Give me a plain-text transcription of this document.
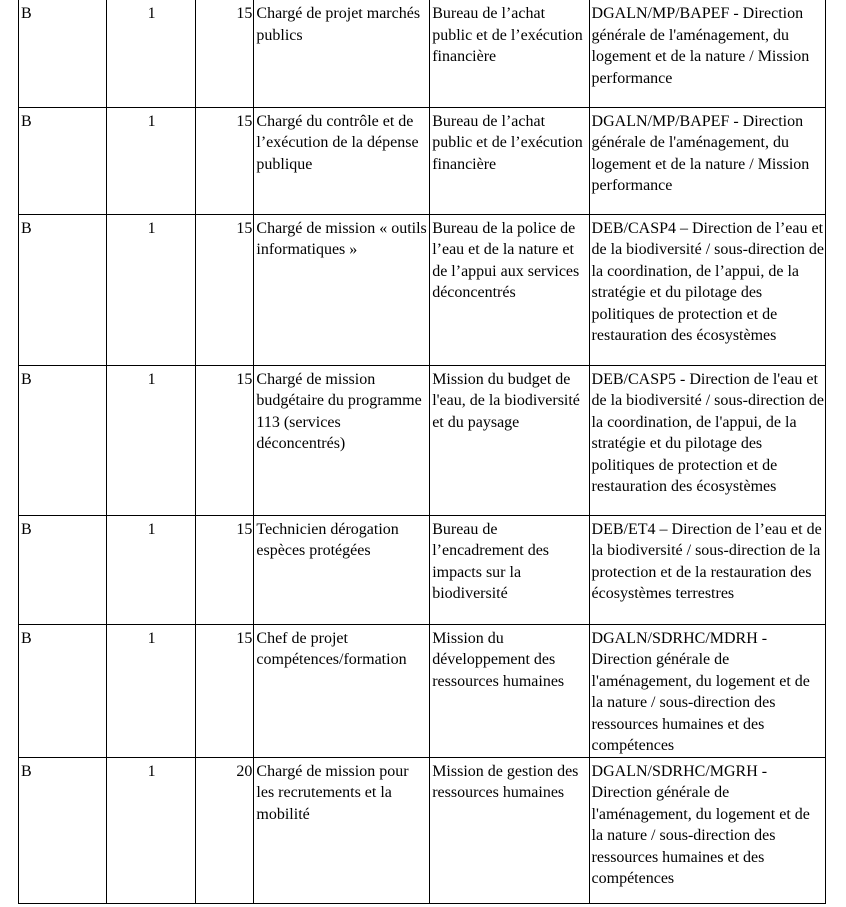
B	1	15	Chargé de projet marchés publics	Bureau de l’achat public et de l’exécution financière	DGALN/MP/BAPEF - Direction générale de l'aménagement, du logement et de la nature / Mission performance
B	1	15	Chargé du contrôle et de l’exécution de la dépense publique	Bureau de l’achat public et de l’exécution financière	DGALN/MP/BAPEF - Direction générale de l'aménagement, du logement et de la nature / Mission performance
B	1	15	Chargé de mission « outils informatiques »	Bureau de la police de l’eau et de la nature et de l’appui aux services déconcentrés	DEB/CASP4 – Direction de l’eau et de la biodiversité / sous-direction de la coordination, de l’appui, de la stratégie et du pilotage des politiques de protection et de restauration des écosystèmes
B	1	15	Chargé de mission budgétaire du programme 113 (services déconcentrés)	Mission du budget de l'eau, de la biodiversité et du paysage	DEB/CASP5 - Direction de l'eau et de la biodiversité / sous-direction de la coordination, de l'appui, de la stratégie et du pilotage des politiques de protection et de restauration des écosystèmes
B	1	15	Technicien dérogation espèces protégées	Bureau de l’encadrement des impacts sur la biodiversité	DEB/ET4 – Direction de l’eau et de la biodiversité / sous-direction de la protection et de la restauration des écosystèmes terrestres
B	1	15	Chef de projet compétences/formation	Mission du développement des ressources humaines	DGALN/SDRHC/MDRH - Direction générale de l'aménagement, du logement et de la nature / sous-direction des ressources humaines et des compétences
B	1	20	Chargé de mission pour les recrutements et la mobilité	Mission de gestion des ressources humaines	DGALN/SDRHC/MGRH - Direction générale de l'aménagement, du logement et de la nature / sous-direction des ressources humaines et des compétences
